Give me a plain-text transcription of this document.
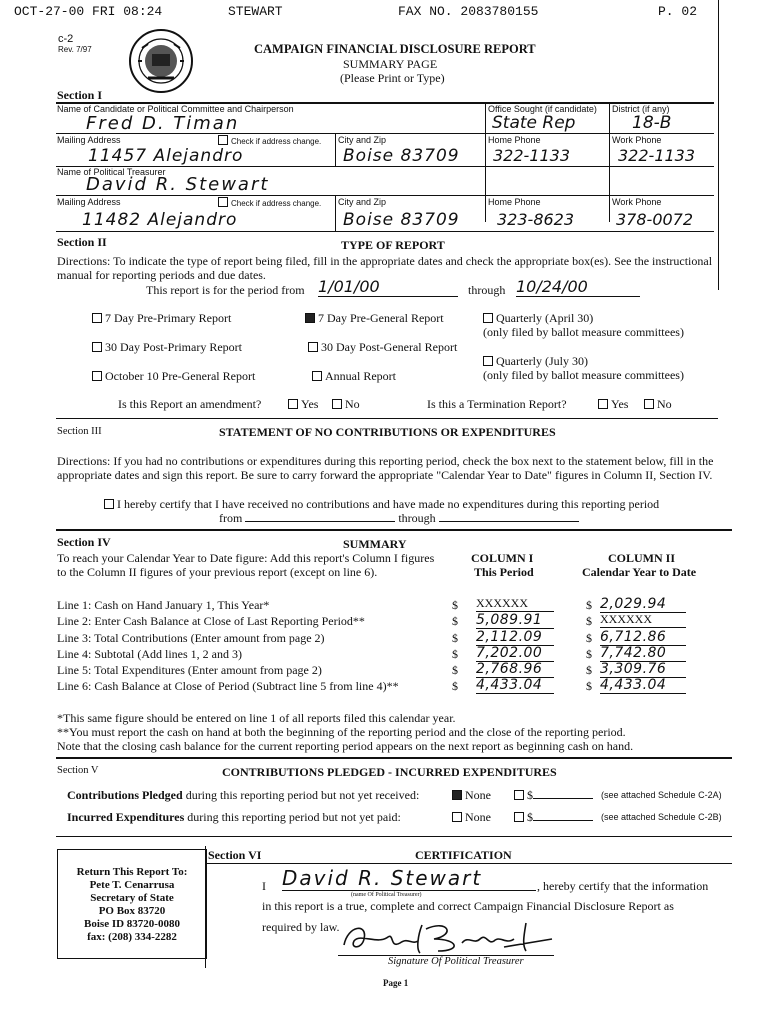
OCT-27-00 FRI 08:24	STEWART	FAX NO. 2083780155	P. 02
c-2
Rev. 7/97	CAMPAIGN FINANCIAL DISCLOSURE REPORT
SUMMARY PAGE
(Please Print or Type)
Section I
Name of Candidate or Political Committee and Chairperson
Fred D. Timan
Office Sought (if candidate)
State Rep
District (if any)
18-B
Mailing Address	Check if address change. City and Zip	Home Phone	Work Phone
11457 Alejandro	Boise 83709 322-1133	322-1133
Name of Political Treasurer
David R. Stewart
Mailing Address	Check if address change. City and Zip	Home Phone	Work Phone
11482 Alejandro	Boise 83709 323-8623	378-0072
Section II	TYPE OF REPORT
Directions: To indicate the type of report being filed, fill in the appropriate dates and check the appropriate box(es). See the instructional manual for reporting periods and due dates.
This report is for the period from 1/01/00	through 10/24/00
7 Day Pre-Primary Report	7 Day Pre-General Report	Quarterly (April 30)
(only filed by ballot measure committees)
30 Day Post-Primary Report	30 Day Post-General Report
Quarterly (July 30)
(only filed by ballot measure committees)
October 10 Pre-General Report	Annual Report
Is this Report an amendment?	Yes	No	Is this a Termination Report?	Yes	No
Section III	STATEMENT OF NO CONTRIBUTIONS OR EXPENDITURES
Directions: If you had no contributions or expenditures during this reporting period, check the box next to the statement below, fill in the appropriate dates and sign this report. Be sure to carry forward the appropriate "Calendar Year to Date" figures in Column II, Section IV.
I hereby certify that I have received no contributions and have made no expenditures during this reporting period
from	through
Section IV	SUMMARY
To reach your Calendar Year to Date figure: Add this report's Column I figures to the Column II figures of your previous report (except on line 6).
COLUMN I
This Period
COLUMN II
Calendar Year to Date
Line 1: Cash on Hand January 1, This Year*	$ XXXXXX	$ 2,029.94
Line 2: Enter Cash Balance at Close of Last Reporting Period**	$ 5,089.91	$ XXXXXX
Line 3: Total Contributions (Enter amount from page 2)	$ 2,112.09	$ 6,712.86
Line 4: Subtotal (Add lines 1, 2 and 3)	$ 7,202.00	$ 7,742.80
Line 5: Total Expenditures (Enter amount from page 2)	$ 2,768.96	$ 3,309.76
Line 6: Cash Balance at Close of Period (Subtract line 5 from line 4)**	$ 4,433.04	$ 4,433.04
*This same figure should be entered on line 1 of all reports filed this calendar year.
**You must report the cash on hand at both the beginning of the reporting period and the close of the reporting period.
Note that the closing cash balance for the current reporting period appears on the next report as beginning cash on hand.
Section V	CONTRIBUTIONS PLEDGED - INCURRED EXPENDITURES
Contributions Pledged during this reporting period but not yet received:	None	$	(see attached Schedule C-2A)
Incurred Expenditures during this reporting period but not yet paid:	None	$	(see attached Schedule C-2B)
Return This Report To:
Pete T. Cenarrusa
Secretary of State
PO Box 83720
Boise ID 83720-0080
fax: (208) 334-2282
Section VI	CERTIFICATION
I David R. Stewart
(name Of Political Treasurer)
, hereby certify that the information
in this report is a true, complete and correct Campaign Financial Disclosure Report as
required by law.
Signature Of Political Treasurer
Page 1
